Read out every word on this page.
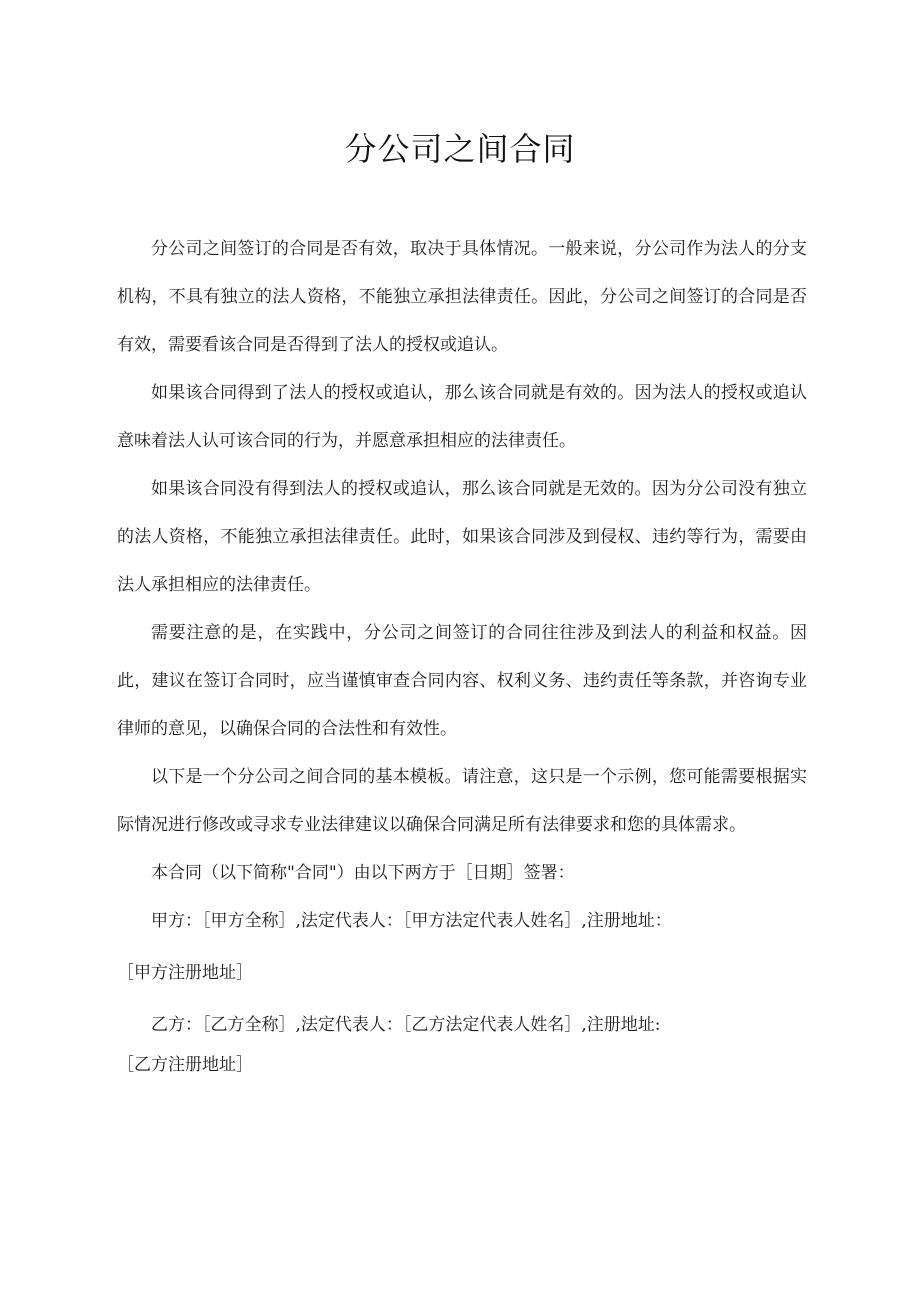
分公司之间合同

分公司之间签订的合同是否有效，取决于具体情况。一般来说，分公司作为法人的分支机构，不具有独立的法人资格，不能独立承担法律责任。因此，分公司之间签订的合同是否有效，需要看该合同是否得到了法人的授权或追认。

如果该合同得到了法人的授权或追认，那么该合同就是有效的。因为法人的授权或追认意味着法人认可该合同的行为，并愿意承担相应的法律责任。

如果该合同没有得到法人的授权或追认，那么该合同就是无效的。因为分公司没有独立的法人资格，不能独立承担法律责任。此时，如果该合同涉及到侵权、违约等行为，需要由法人承担相应的法律责任。

需要注意的是，在实践中，分公司之间签订的合同往往涉及到法人的利益和权益。因此，建议在签订合同时，应当谨慎审查合同内容、权利义务、违约责任等条款，并咨询专业律师的意见，以确保合同的合法性和有效性。

以下是一个分公司之间合同的基本模板。请注意，这只是一个示例，您可能需要根据实际情况进行修改或寻求专业法律建议以确保合同满足所有法律要求和您的具体需求。

本合同（以下简称"合同"）由以下两方于［日期］签署：

甲方：［甲方全称］,法定代表人：［甲方法定代表人姓名］,注册地址：

［甲方注册地址］

乙方：［乙方全称］,法定代表人：［乙方法定代表人姓名］,注册地址:

［乙方注册地址］
